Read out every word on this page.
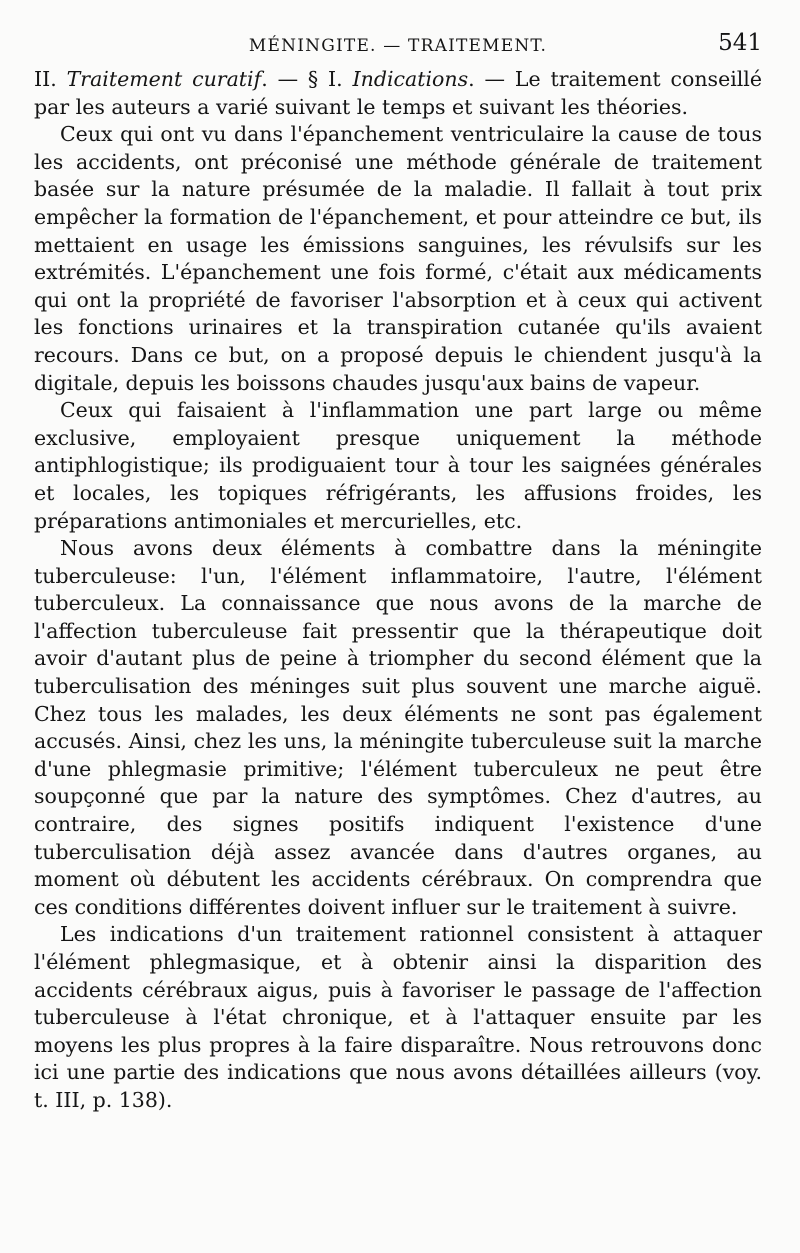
MÉNINGITE. — TRAITEMENT.	541

II. Traitement curatif. — § I. Indications. — Le traitement conseillé par les auteurs a varié suivant le temps et suivant les théories.

Ceux qui ont vu dans l'épanchement ventriculaire la cause de tous les accidents, ont préconisé une méthode générale de traitement basée sur la nature présumée de la maladie. Il fallait à tout prix empêcher la formation de l'épanchement, et pour atteindre ce but, ils mettaient en usage les émissions sanguines, les révulsifs sur les extrémités. L'épanchement une fois formé, c'était aux médicaments qui ont la propriété de favoriser l'absorption et à ceux qui activent les fonctions urinaires et la transpiration cutanée qu'ils avaient recours. Dans ce but, on a proposé depuis le chiendent jusqu'à la digitale, depuis les boissons chaudes jusqu'aux bains de vapeur.

Ceux qui faisaient à l'inflammation une part large ou même exclusive, employaient presque uniquement la méthode antiphlogistique; ils prodiguaient tour à tour les saignées générales et locales, les topiques réfrigérants, les affusions froides, les préparations antimoniales et mercurielles, etc.

Nous avons deux éléments à combattre dans la méningite tuberculeuse: l'un, l'élément inflammatoire, l'autre, l'élément tuberculeux. La connaissance que nous avons de la marche de l'affection tuberculeuse fait pressentir que la thérapeutique doit avoir d'autant plus de peine à triompher du second élément que la tuberculisation des méninges suit plus souvent une marche aiguë. Chez tous les malades, les deux éléments ne sont pas également accusés. Ainsi, chez les uns, la méningite tuberculeuse suit la marche d'une phlegmasie primitive; l'élément tuberculeux ne peut être soupçonné que par la nature des symptômes. Chez d'autres, au contraire, des signes positifs indiquent l'existence d'une tuberculisation déjà assez avancée dans d'autres organes, au moment où débutent les accidents cérébraux. On comprendra que ces conditions différentes doivent influer sur le traitement à suivre.

Les indications d'un traitement rationnel consistent à attaquer l'élément phlegmasique, et à obtenir ainsi la disparition des accidents cérébraux aigus, puis à favoriser le passage de l'affection tuberculeuse à l'état chronique, et à l'attaquer ensuite par les moyens les plus propres à la faire disparaître. Nous retrouvons donc ici une partie des indications que nous avons détaillées ailleurs (voy. t. III, p. 138).
